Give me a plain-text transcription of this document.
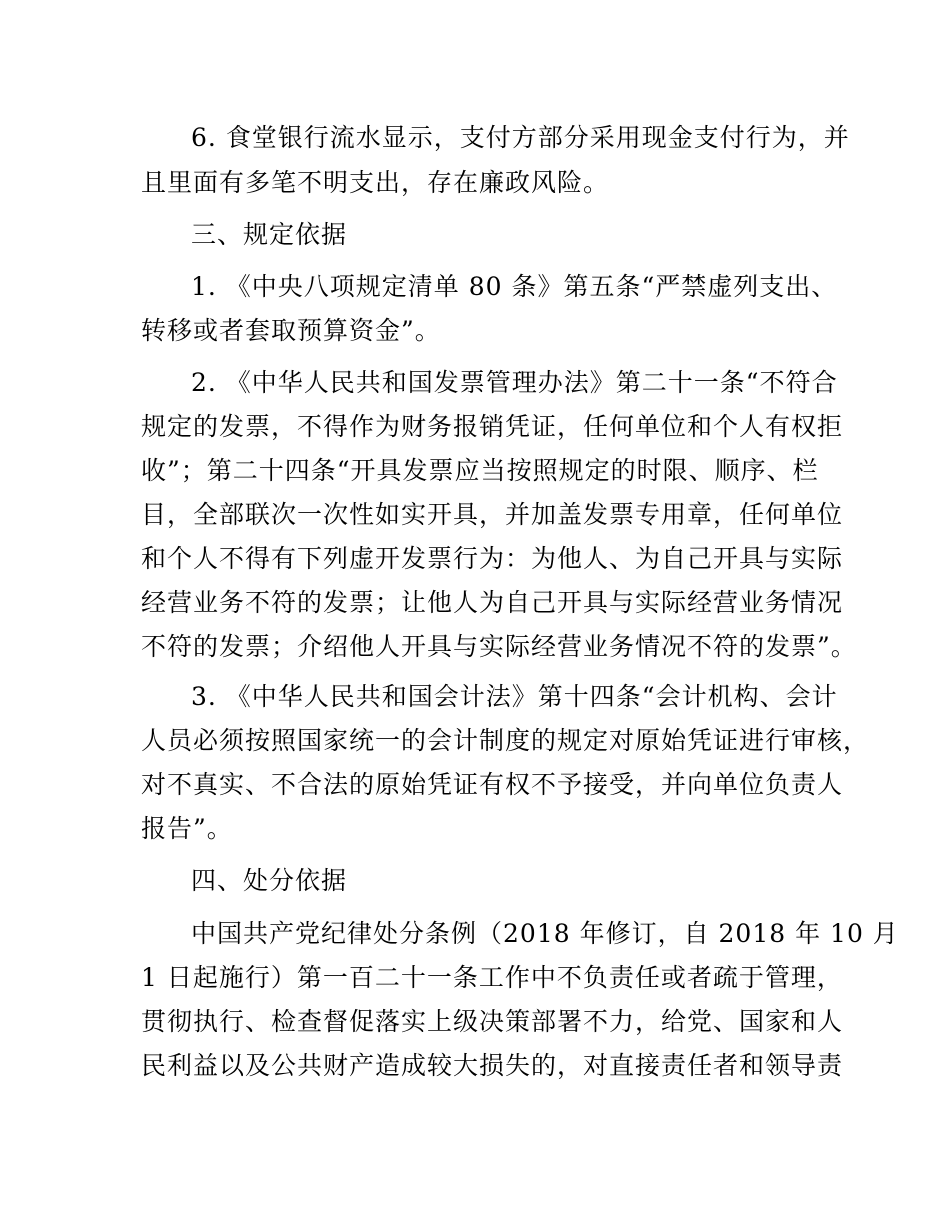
6. 食堂银行流水显示，支付方部分采用现金支付行为，并
且里面有多笔不明支出，存在廉政风险。
三、规定依据
1. 《中央八项规定清单 80 条》第五条“严禁虚列支出、
转移或者套取预算资金”。
2. 《中华人民共和国发票管理办法》第二十一条“不符合
规定的发票，不得作为财务报销凭证，任何单位和个人有权拒
收”；第二十四条“开具发票应当按照规定的时限、顺序、栏
目，全部联次一次性如实开具，并加盖发票专用章，任何单位
和个人不得有下列虚开发票行为：为他人、为自己开具与实际
经营业务不符的发票；让他人为自己开具与实际经营业务情况
不符的发票；介绍他人开具与实际经营业务情况不符的发票”。
3. 《中华人民共和国会计法》第十四条“会计机构、会计
人员必须按照国家统一的会计制度的规定对原始凭证进行审核，
对不真实、不合法的原始凭证有权不予接受，并向单位负责人
报告”。
四、处分依据
中国共产党纪律处分条例（2018 年修订，自 2018 年 10 月
1 日起施行）第一百二十一条工作中不负责任或者疏于管理，
贯彻执行、检查督促落实上级决策部署不力，给党、国家和人
民利益以及公共财产造成较大损失的，对直接责任者和领导责
